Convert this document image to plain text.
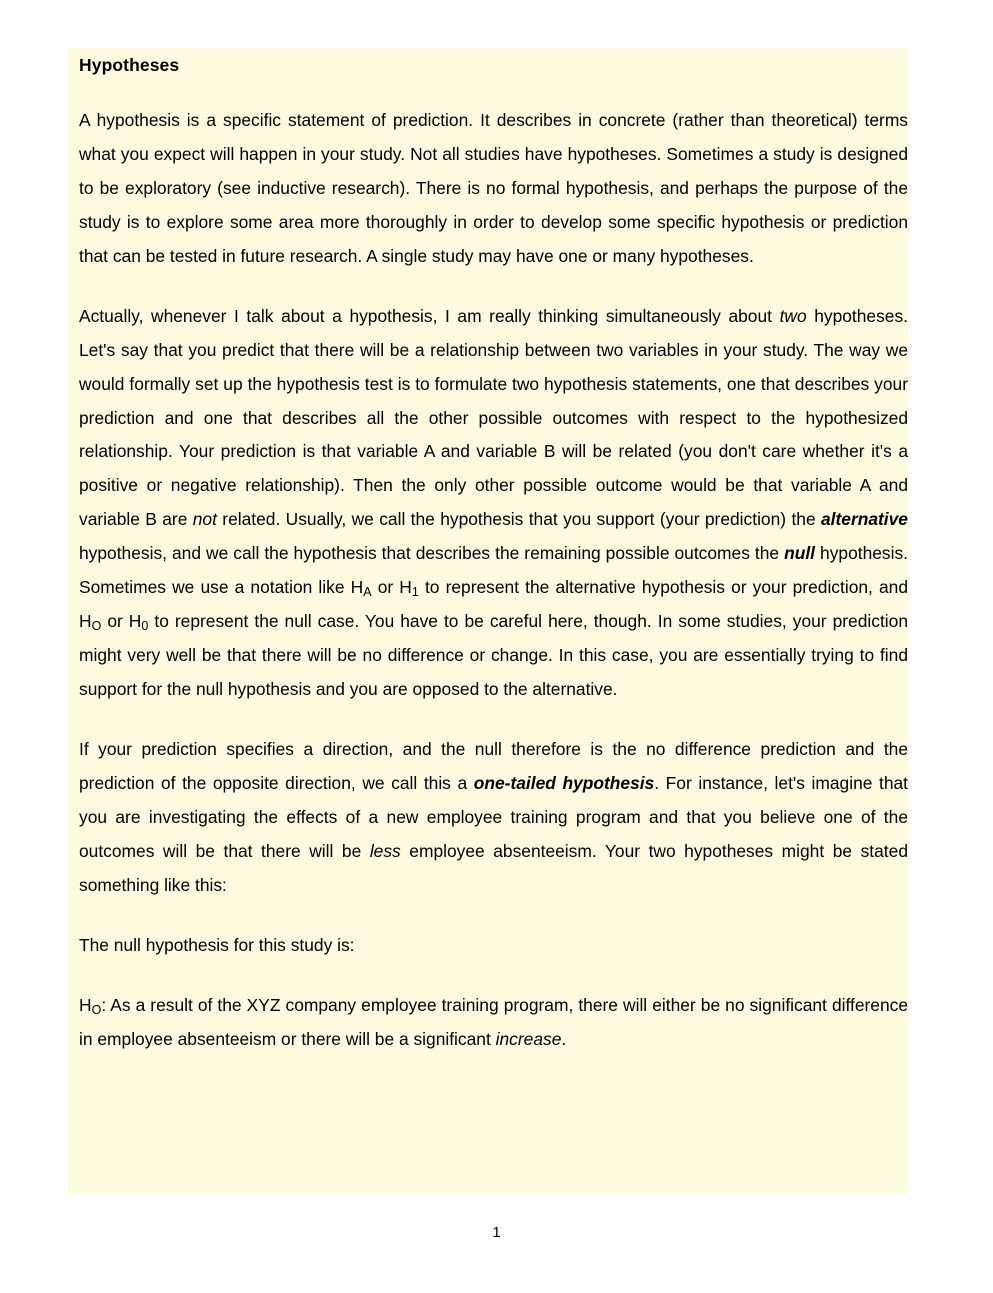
Hypotheses

A hypothesis is a specific statement of prediction. It describes in concrete (rather than theoretical) terms what you expect will happen in your study. Not all studies have hypotheses. Sometimes a study is designed to be exploratory (see inductive research). There is no formal hypothesis, and perhaps the purpose of the study is to explore some area more thoroughly in order to develop some specific hypothesis or prediction that can be tested in future research. A single study may have one or many hypotheses.

Actually, whenever I talk about a hypothesis, I am really thinking simultaneously about two hypotheses. Let's say that you predict that there will be a relationship between two variables in your study. The way we would formally set up the hypothesis test is to formulate two hypothesis statements, one that describes your prediction and one that describes all the other possible outcomes with respect to the hypothesized relationship. Your prediction is that variable A and variable B will be related (you don't care whether it's a positive or negative relationship). Then the only other possible outcome would be that variable A and variable B are not related. Usually, we call the hypothesis that you support (your prediction) the alternative hypothesis, and we call the hypothesis that describes the remaining possible outcomes the null hypothesis. Sometimes we use a notation like $H_A$ or $H_1$ to represent the alternative hypothesis or your prediction, and $H_O$ or $H_0$ to represent the null case. You have to be careful here, though. In some studies, your prediction might very well be that there will be no difference or change. In this case, you are essentially trying to find support for the null hypothesis and you are opposed to the alternative.

If your prediction specifies a direction, and the null therefore is the no difference prediction and the prediction of the opposite direction, we call this a one-tailed hypothesis. For instance, let's imagine that you are investigating the effects of a new employee training program and that you believe one of the outcomes will be that there will be less employee absenteeism. Your two hypotheses might be stated something like this:

The null hypothesis for this study is:

$H_O$: As a result of the XYZ company employee training program, there will either be no significant difference in employee absenteeism or there will be a significant increase.

1
